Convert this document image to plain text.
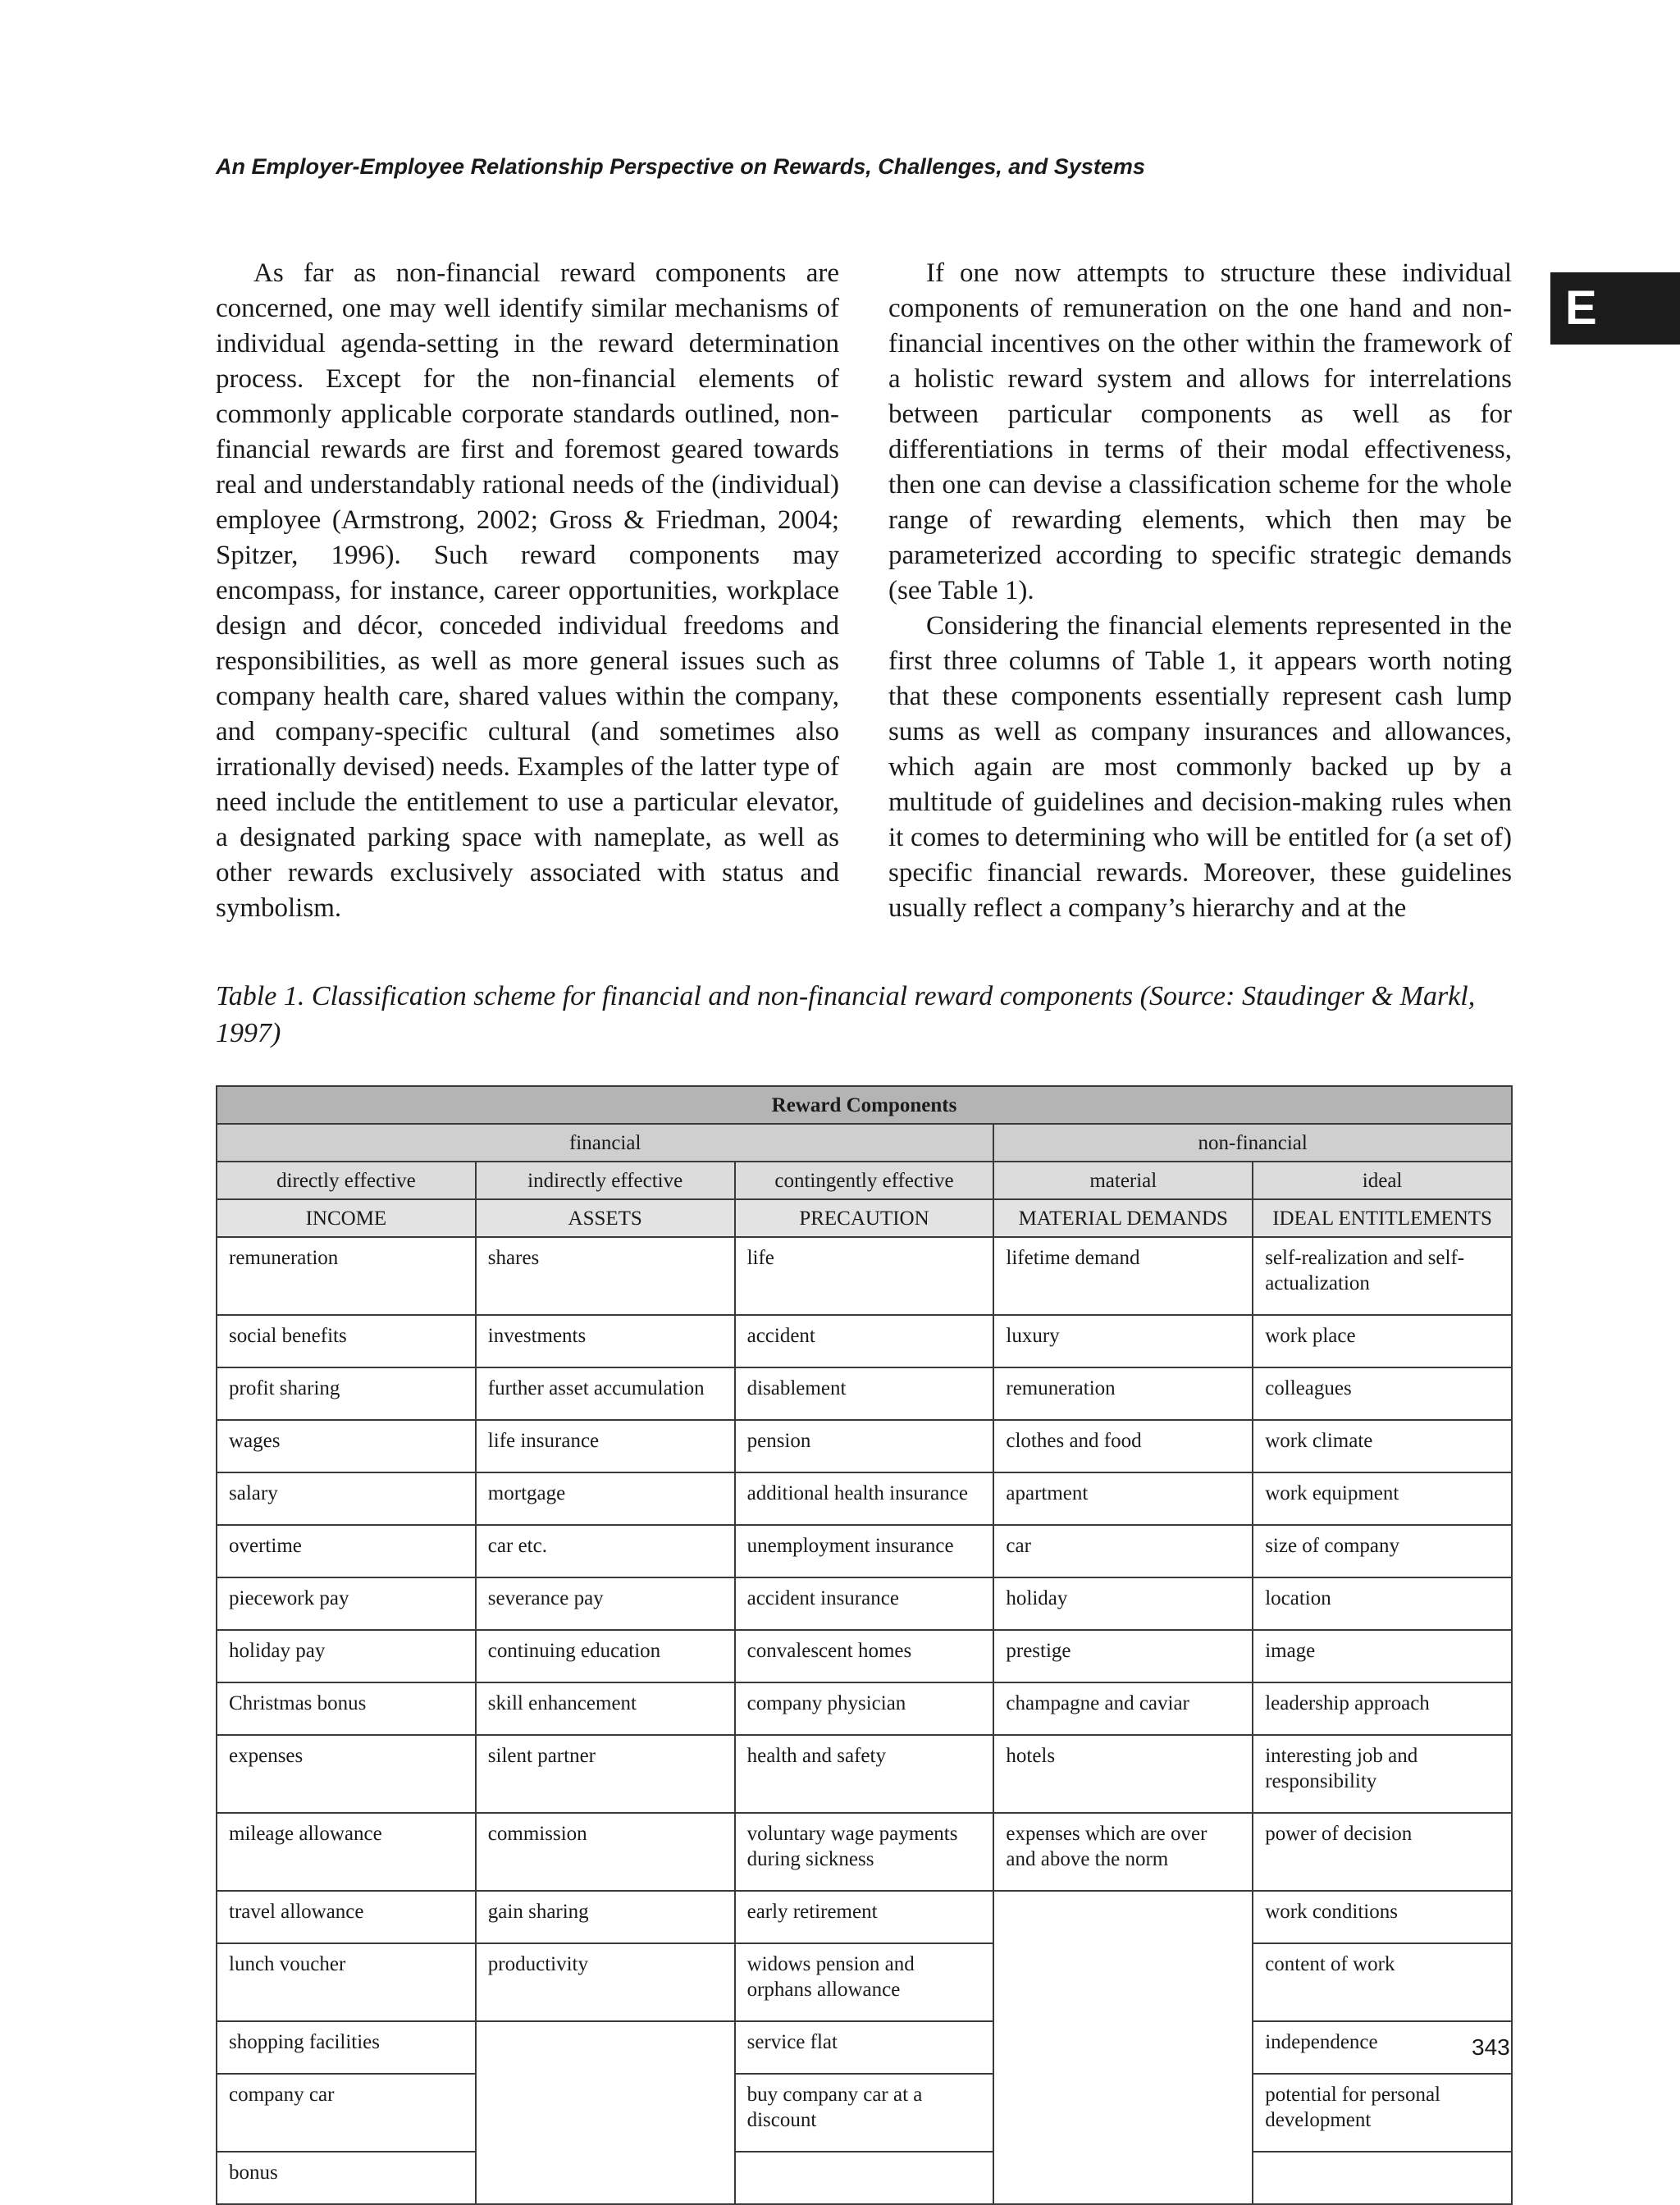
An Employer-Employee Relationship Perspective on Rewards, Challenges, and Systems
E

As far as non-financial reward components are concerned, one may well identify similar mechanisms of individual agenda-setting in the reward determination process. Except for the non-financial elements of commonly applicable corporate standards outlined, non-financial rewards are first and foremost geared towards real and understandably rational needs of the (individual) employee (Armstrong, 2002; Gross & Friedman, 2004; Spitzer, 1996). Such reward components may encompass, for instance, career opportunities, workplace design and décor, conceded individual freedoms and responsibilities, as well as more general issues such as company health care, shared values within the company, and company-specific cultural (and sometimes also irrationally devised) needs. Examples of the latter type of need include the entitlement to use a particular elevator, a designated parking space with nameplate, as well as other rewards exclusively associated with status and symbolism.

If one now attempts to structure these individual components of remuneration on the one hand and non-financial incentives on the other within the framework of a holistic reward system and allows for interrelations between particular components as well as for differentiations in terms of their modal effectiveness, then one can devise a classification scheme for the whole range of rewarding elements, which then may be parameterized according to specific strategic demands (see Table 1).

Considering the financial elements represented in the first three columns of Table 1, it appears worth noting that these components essentially represent cash lump sums as well as company insurances and allowances, which again are most commonly backed up by a multitude of guidelines and decision-making rules when it comes to determining who will be entitled for (a set of) specific financial rewards. Moreover, these guidelines usually reflect a company’s hierarchy and at the

Table 1. Classification scheme for financial and non-financial reward components (Source: Staudinger & Markl, 1997)
Reward Components				
financial			non-financial	
directly effective	indirectly effective	contingently effective	material	ideal
INCOME	ASSETS	PRECAUTION	MATERIAL DEMANDS	IDEAL ENTITLEMENTS
remuneration	shares	life	lifetime demand	self-realization and self-actualization
social benefits	investments	accident	luxury	work place
profit sharing	further asset accumulation	disablement	remuneration	colleagues
wages	life insurance	pension	clothes and food	work climate
salary	mortgage	additional health insurance	apartment	work equipment
overtime	car etc.	unemployment insurance	car	size of company
piecework pay	severance pay	accident insurance	holiday	location
holiday pay	continuing education	convalescent homes	prestige	image
Christmas bonus	skill enhancement	company physician	champagne and caviar	leadership approach
expenses	silent partner	health and safety	hotels	interesting job and responsibility
mileage allowance	commission	voluntary wage payments during sickness	expenses which are over and above the norm	power of decision
travel allowance	gain sharing	early retirement		work conditions
lunch voucher	productivity	widows pension and orphans allowance		content of work
shopping facilities		service flat		independence
company car		buy company car at a discount		potential for personal development
bonus				
343
